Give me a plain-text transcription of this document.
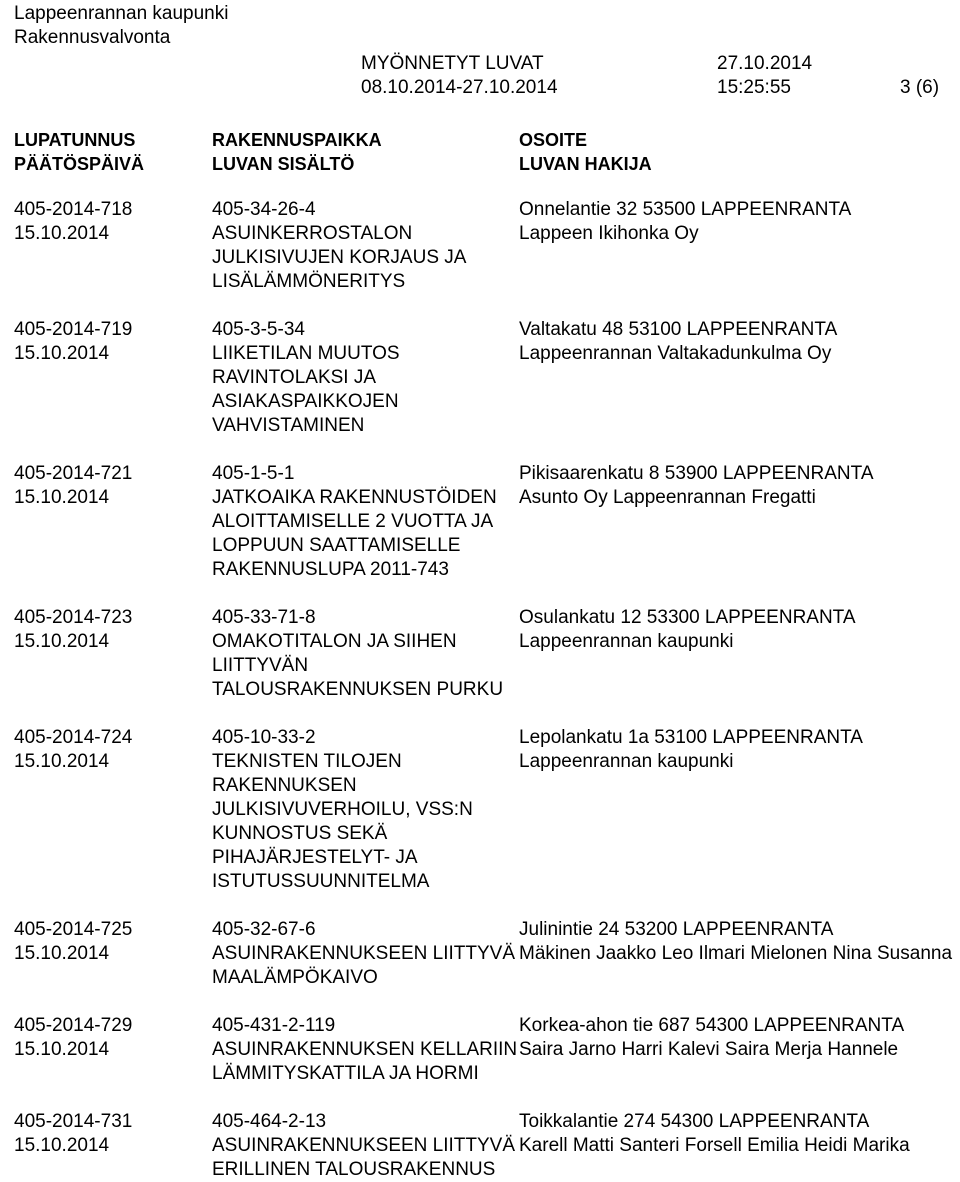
Lappeenrannan kaupunki
Rakennusvalvonta
MYÖNNETYT LUVAT
08.10.2014-27.10.2014
27.10.2014
15:25:55	3 (6)
LUPATUNNUS
PÄÄTÖSPÄIVÄ
RAKENNUSPAIKKA
LUVAN SISÄLTÖ
OSOITE
LUVAN HAKIJA
405-2014-718
15.10.2014
405-34-26-4
ASUINKERROSTALON
JULKISIVUJEN KORJAUS JA
LISÄLÄMMÖNERITYS
Onnelantie 32 53500 LAPPEENRANTA
Lappeen Ikihonka Oy
405-2014-719
15.10.2014
405-3-5-34
LIIKETILAN MUUTOS
RAVINTOLAKSI JA
ASIAKASPAIKKOJEN
VAHVISTAMINEN
Valtakatu 48 53100 LAPPEENRANTA
Lappeenrannan Valtakadunkulma Oy
405-2014-721
15.10.2014
405-1-5-1
JATKOAIKA RAKENNUSTÖIDEN
ALOITTAMISELLE 2 VUOTTA JA
LOPPUUN SAATTAMISELLE
RAKENNUSLUPA 2011-743
Pikisaarenkatu 8 53900 LAPPEENRANTA
Asunto Oy Lappeenrannan Fregatti
405-2014-723
15.10.2014
405-33-71-8
OMAKOTITALON JA SIIHEN
LIITTYVÄN
TALOUSRAKENNUKSEN PURKU
Osulankatu 12 53300 LAPPEENRANTA
Lappeenrannan kaupunki
405-2014-724
15.10.2014
405-10-33-2
TEKNISTEN TILOJEN
RAKENNUKSEN
JULKISIVUVERHOILU, VSS:N
KUNNOSTUS SEKÄ
PIHAJÄRJESTELYT- JA
ISTUTUSSUUNNITELMA
Lepolankatu 1a 53100 LAPPEENRANTA
Lappeenrannan kaupunki
405-2014-725
15.10.2014
405-32-67-6
ASUINRAKENNUKSEEN LIITTYVÄ
MAALÄMPÖKAIVO
Julinintie 24 53200 LAPPEENRANTA
Mäkinen Jaakko Leo Ilmari Mielonen Nina Susanna
405-2014-729
15.10.2014
405-431-2-119
ASUINRAKENNUKSEN KELLARIIN
LÄMMITYSKATTILA JA HORMI
Korkea-ahon tie 687 54300 LAPPEENRANTA
Saira Jarno Harri Kalevi Saira Merja Hannele
405-2014-731
15.10.2014
405-464-2-13
ASUINRAKENNUKSEEN LIITTYVÄ
ERILLINEN TALOUSRAKENNUS
Toikkalantie 274 54300 LAPPEENRANTA
Karell Matti Santeri Forsell Emilia Heidi Marika
